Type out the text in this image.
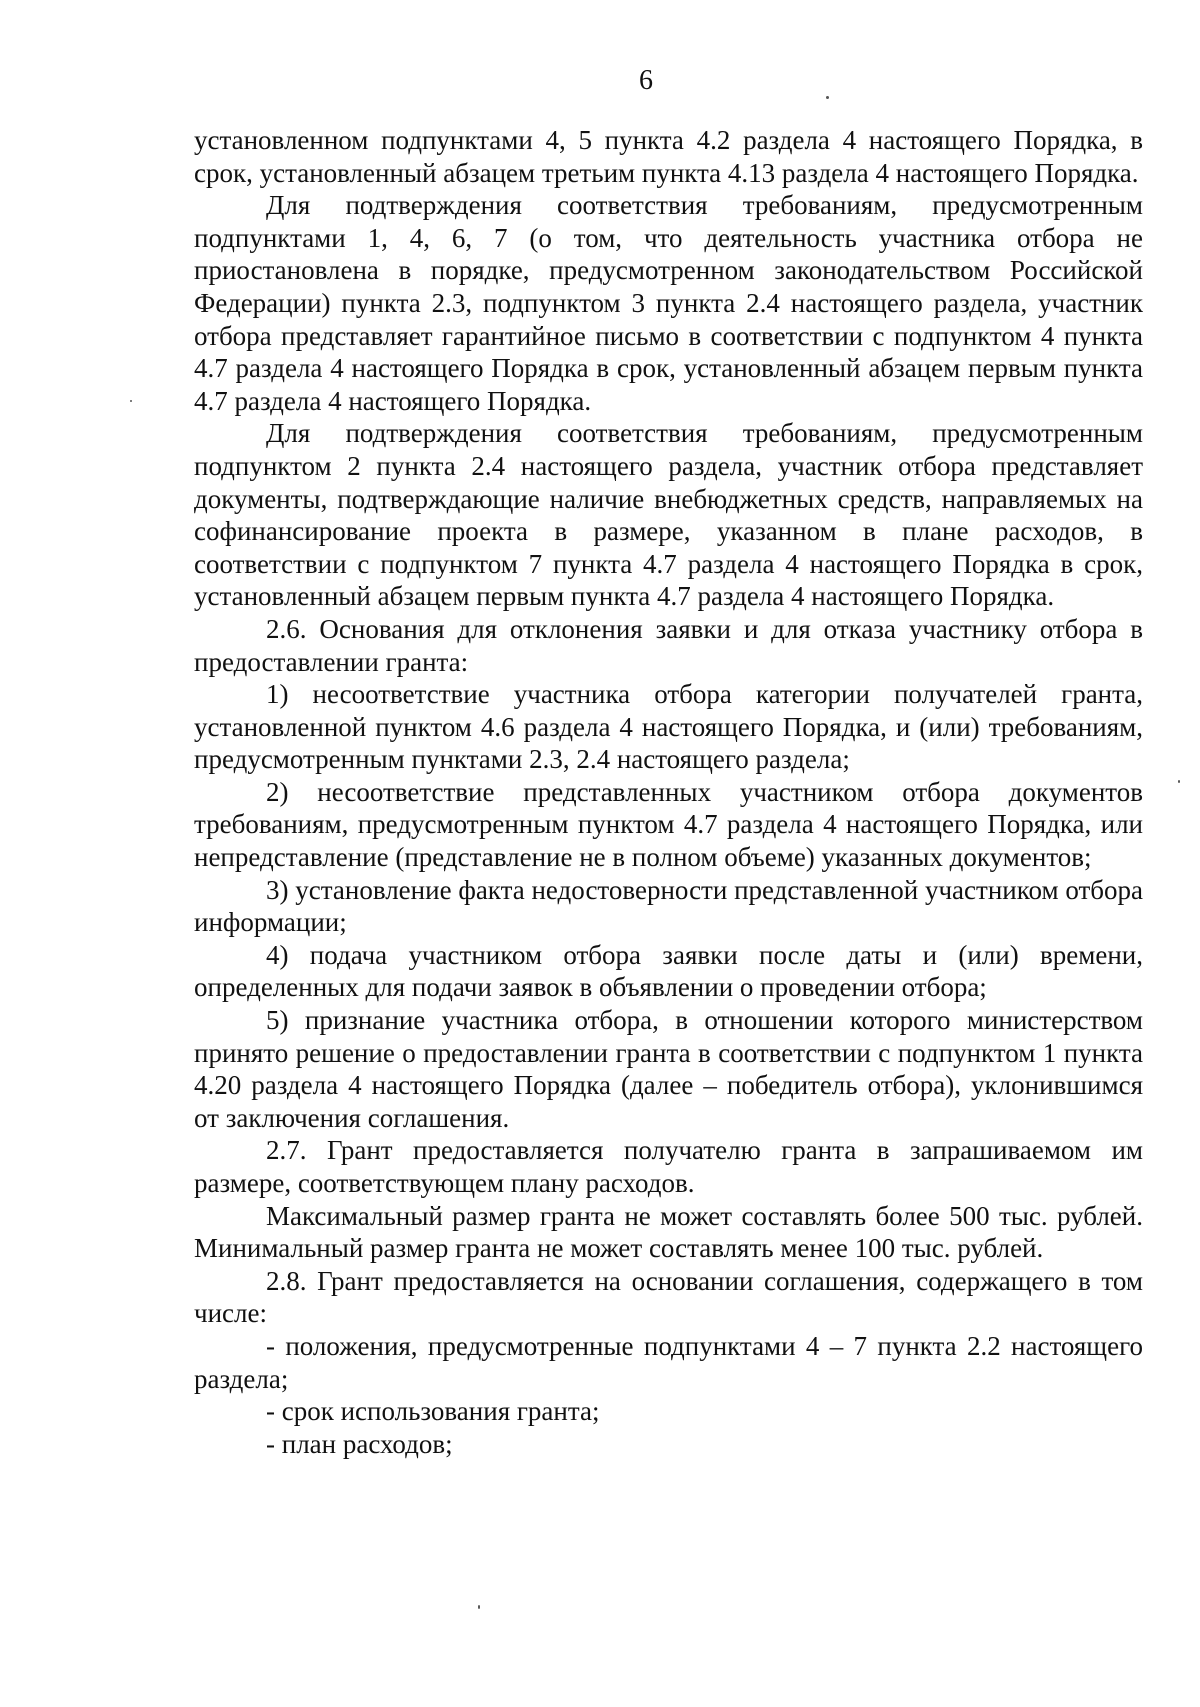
6

установленном подпунктами 4, 5 пункта 4.2 раздела 4 настоящего Порядка, в срок, установленный абзацем третьим пункта 4.13 раздела 4 настоящего Порядка.

Для подтверждения соответствия требованиям, предусмотренным подпунктами 1, 4, 6, 7 (о том, что деятельность участника отбора не приостановлена в порядке, предусмотренном законодательством Российской Федерации) пункта 2.3, подпунктом 3 пункта 2.4 настоящего раздела, участник отбора представляет гарантийное письмо в соответствии с подпунктом 4 пункта 4.7 раздела 4 настоящего Порядка в срок, установленный абзацем первым пункта 4.7 раздела 4 настоящего Порядка.

Для подтверждения соответствия требованиям, предусмотренным подпунктом 2 пункта 2.4 настоящего раздела, участник отбора представляет документы, подтверждающие наличие внебюджетных средств, направляемых на софинансирование проекта в размере, указанном в плане расходов, в соответствии с подпунктом 7 пункта 4.7 раздела 4 настоящего Порядка в срок, установленный абзацем первым пункта 4.7 раздела 4 настоящего Порядка.

2.6. Основания для отклонения заявки и для отказа участнику отбора в предоставлении гранта:

1) несоответствие участника отбора категории получателей гранта, установленной пунктом 4.6 раздела 4 настоящего Порядка, и (или) требованиям, предусмотренным пунктами 2.3, 2.4 настоящего раздела;

2) несоответствие представленных участником отбора документов требованиям, предусмотренным пунктом 4.7 раздела 4 настоящего Порядка, или непредставление (представление не в полном объеме) указанных документов;

3) установление факта недостоверности представленной участником отбора информации;

4) подача участником отбора заявки после даты и (или) времени, определенных для подачи заявок в объявлении о проведении отбора;

5) признание участника отбора, в отношении которого министерством принято решение о предоставлении гранта в соответствии с подпунктом 1 пункта 4.20 раздела 4 настоящего Порядка (далее – победитель отбора), уклонившимся от заключения соглашения.

2.7. Грант предоставляется получателю гранта в запрашиваемом им размере, соответствующем плану расходов.

Максимальный размер гранта не может составлять более 500 тыс. рублей. Минимальный размер гранта не может составлять менее 100 тыс. рублей.

2.8. Грант предоставляется на основании соглашения, содержащего в том числе:

- положения, предусмотренные подпунктами 4 – 7 пункта 2.2 настоящего раздела;

- срок использования гранта;

- план расходов;
